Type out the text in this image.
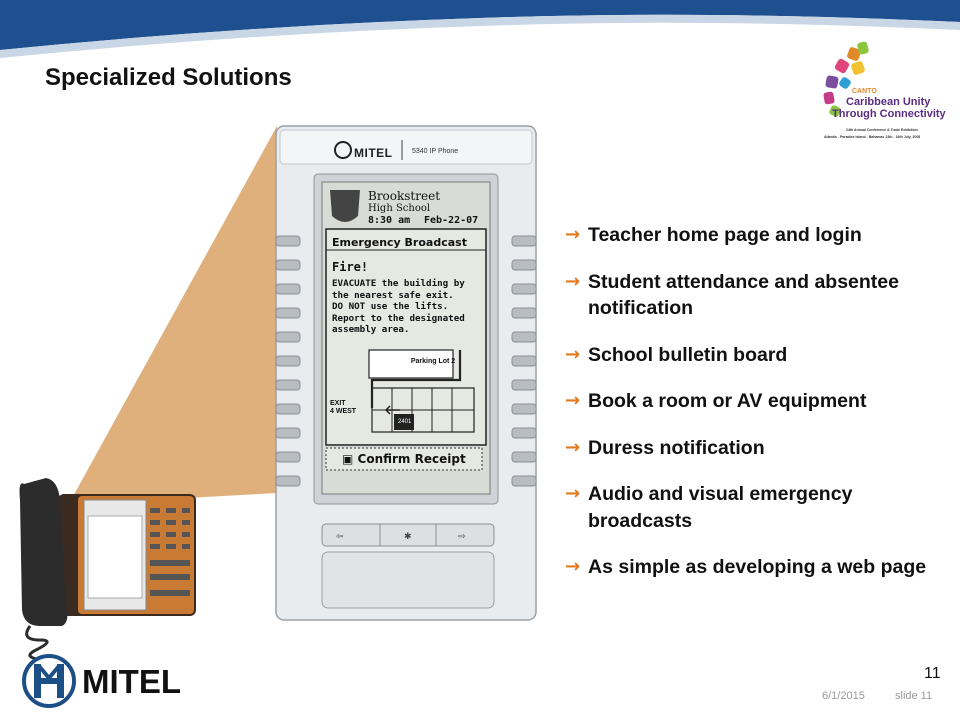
Specialized Solutions
CANTO
Caribbean Unity
Through Connectivity
24th Annual Conference & Trade Exhibition
Atlantis - Paradise Island - Bahamas 13th - 16th July, 2008
⇦	✱	⇨
MITEL	5340 IP Phone
Brookstreet
High School
8:30 am Feb-22-07
Emergency Broadcast
Fire!
EVACUATE the building by
the nearest safe exit.
DO NOT use the lifts.
Report to the designated
assembly area.
Parking Lot 2
EXIT
4 WEST
2401
▣ Confirm Receipt
→ Teacher home page and login
→ Student attendance and absentee notification
→ School bulletin board
→ Book a room or AV equipment
→ Duress notification
→ Audio and visual emergency broadcasts
→ As simple as developing a web page
MITEL	11
6/1/2015	slide 11
